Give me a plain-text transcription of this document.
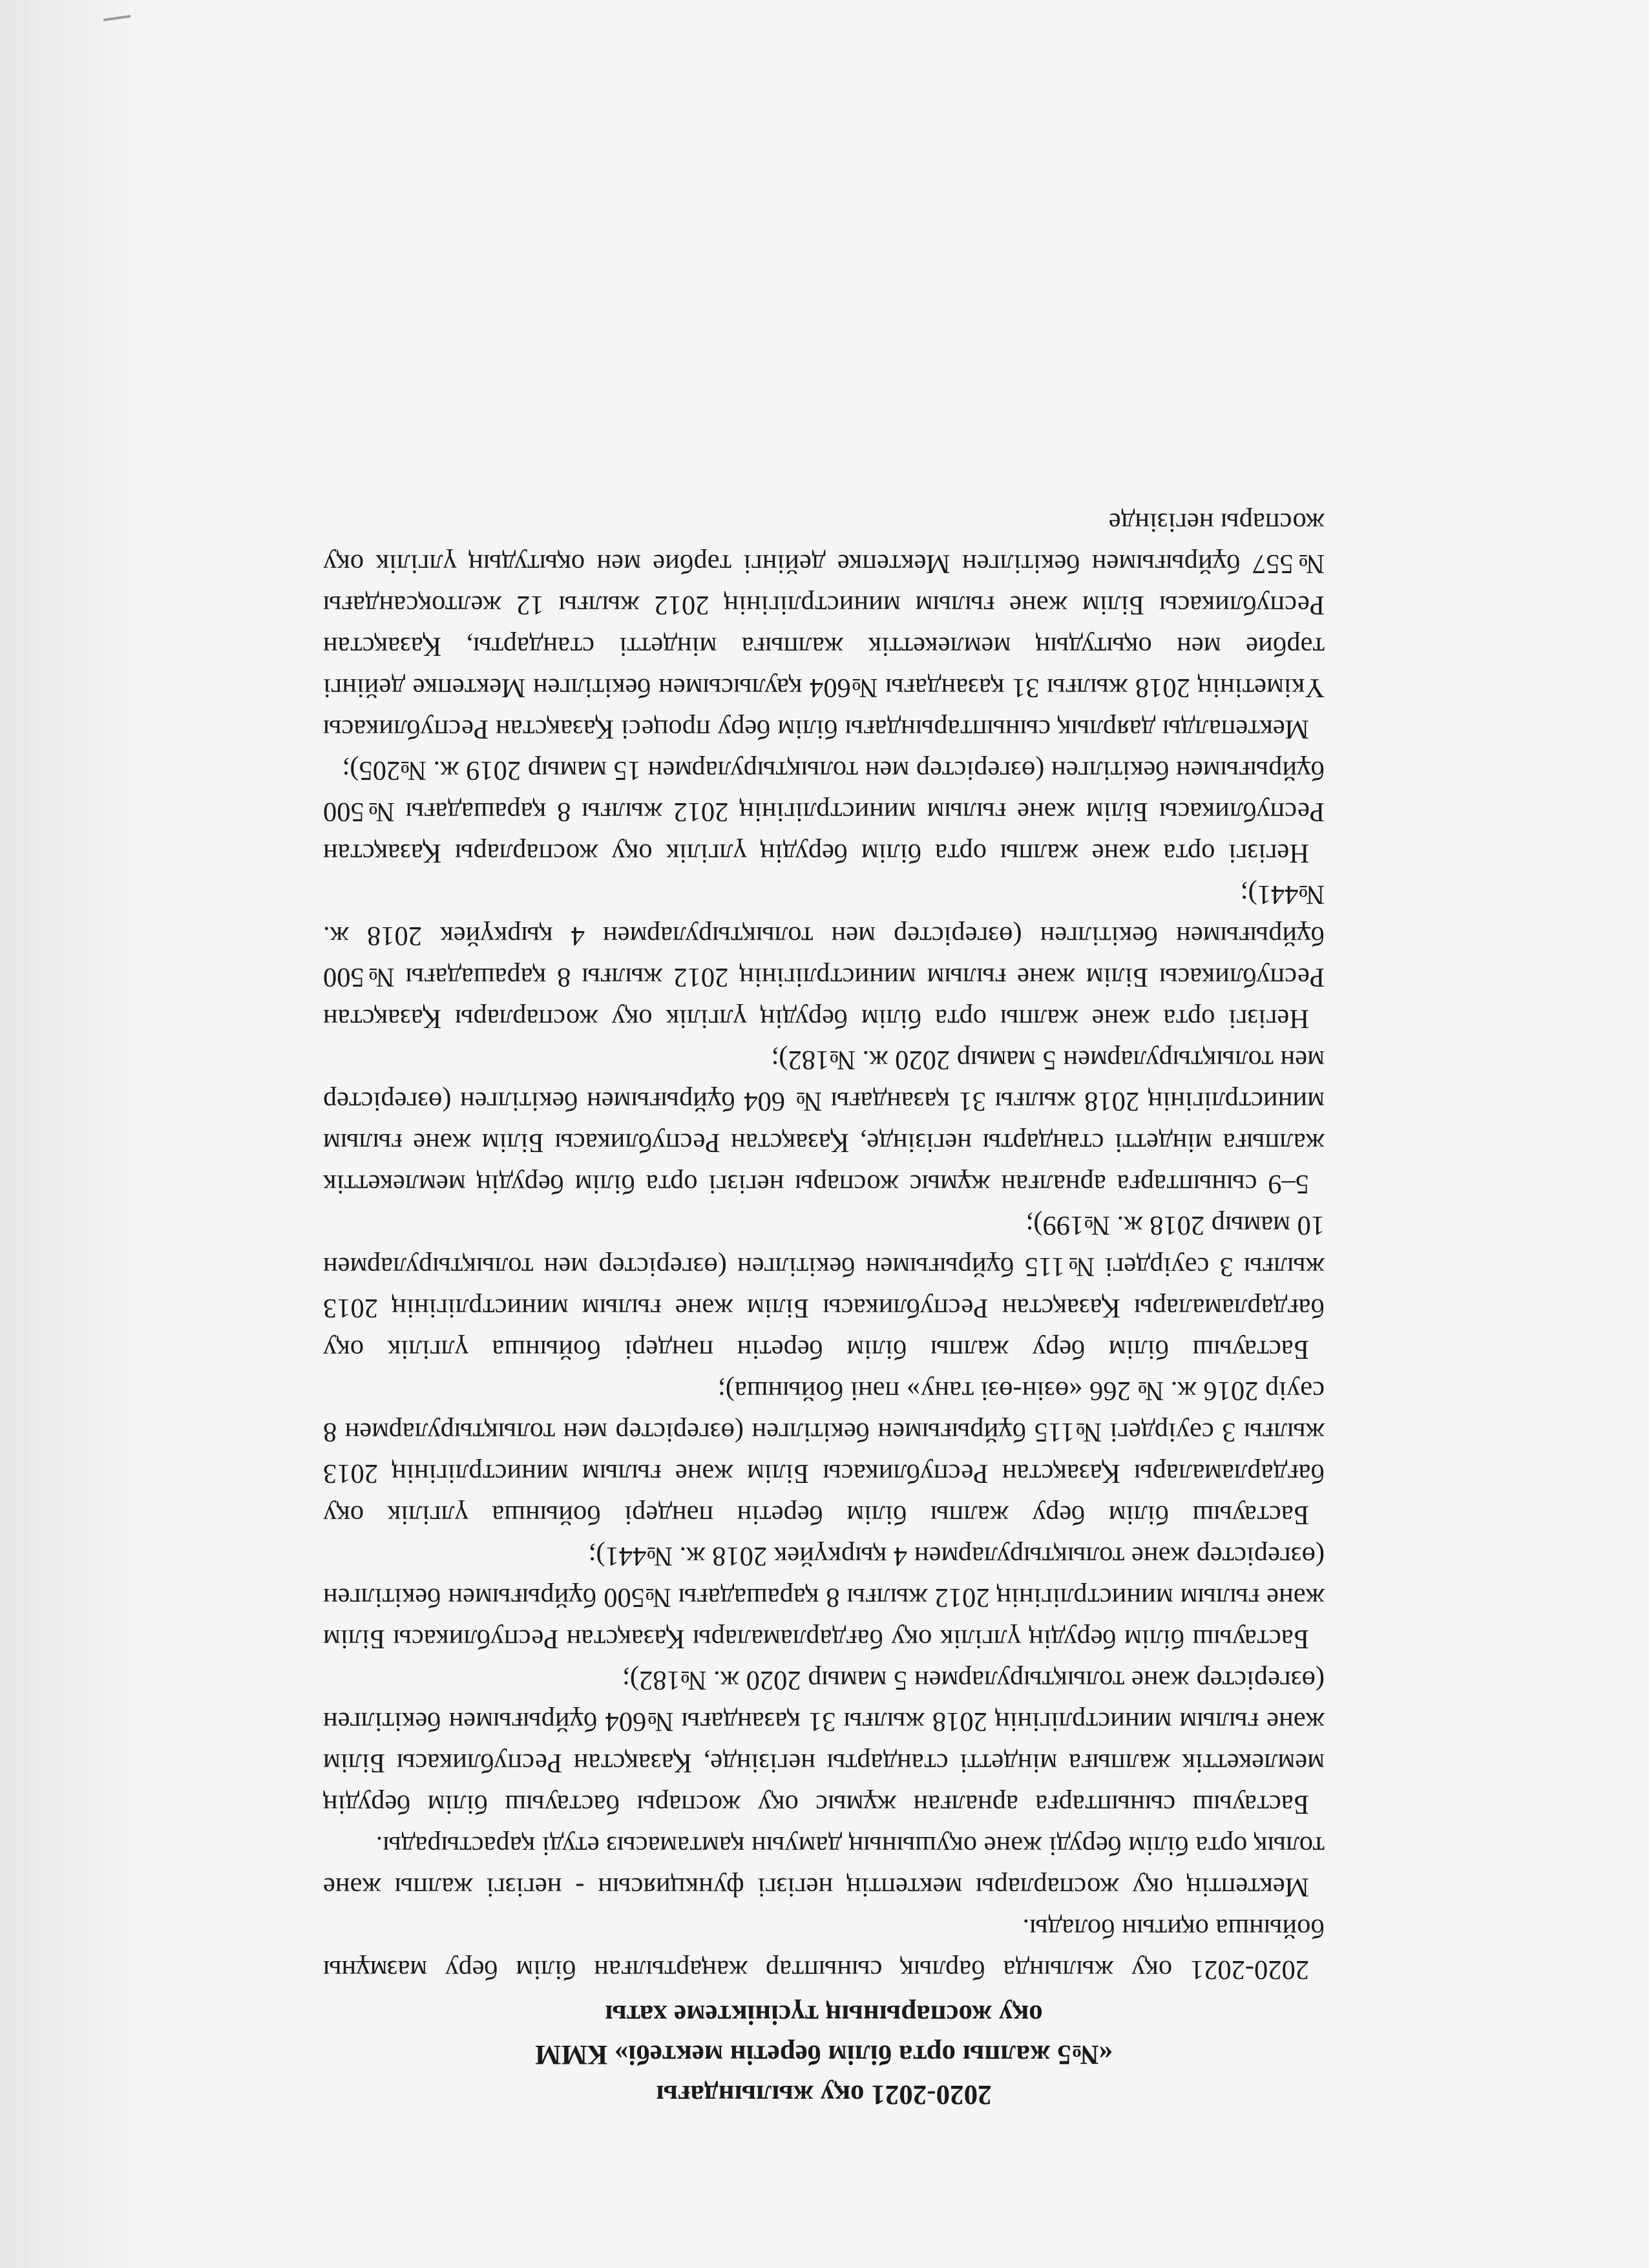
2020-2021 оқу жылындағы
«№5 жалпы орта білім беретін мектебі» КММ
оқу жоспарының түсініктеме хаты

2020-2021 оқу жылында барлық сыныптар жаңартылған білім беру мазмұны бойынша оқитын болады.

Мектептің оқу жоспарлары мектептің негізгі функциясын - негізгі жалпы және толық орта білім беруді және оқушының дамуын қамтамасыз етуді қарастырады.

Бастауыш сыныптарға арналған жұмыс оқу жоспары бастауыш білім берудің мемлекеттік жалпыға міндетті стандарты негізінде, Қазақстан Республикасы Білім және ғылым министрлігінің 2018 жылғы 31 қазандағы №604 бұйрығымен бекітілген (өзгерістер және толықтырулармен 5 мамыр 2020 ж. №182);

Бастауыш білім берудің үлгілік оқу бағдарламалары Қазақстан Республикасы Білім және ғылым министрлігінің 2012 жылғы 8 қарашадағы №500 бұйрығымен бекітілген (өзгерістер және толықтырулармен 4 қыркүйек 2018 ж. №441);

Бастауыш білім беру жалпы білім беретін пәндері бойынша үлгілік оқу бағдарламалары Қазақстан Республикасы Білім және ғылым министрлігінің 2013 жылғы 3 сәуірдегі №115 бұйрығымен бекітілген (өзгерістер мен толықтырулармен 8 сәуір 2016 ж. № 266 «өзін-өзі тану» пәні бойынша);

Бастауыш білім беру жалпы білім беретін пәндері бойынша үлгілік оқу бағдарламалары Қазақстан Республикасы Білім және ғылым министрлігінің 2013 жылғы 3 сәуірдегі №115 бұйрығымен бекітілген (өзгерістер мен толықтырулармен 10 мамыр 2018 ж. №199);

5–9 сыныптарға арналған жұмыс жоспары негізгі орта білім берудің мемлекеттік жалпыға міндетті стандарты негізінде, Қазақстан Республикасы Білім және ғылым министрлігінің 2018 жылғы 31 қазандағы № 604 бұйрығымен бекітілген (өзгерістер мен толықтырулармен 5 мамыр 2020 ж. №182);

Негізгі орта және жалпы орта білім берудің үлгілік оқу жоспарлары Қазақстан Республикасы Білім және ғылым министрлігінің 2012 жылғы 8 қарашадағы №500 бұйрығымен бекітілген (өзгерістер мен толықтырулармен 4 қыркүйек 2018 ж. №441);

Негізгі орта және жалпы орта білім берудің үлгілік оқу жоспарлары Қазақстан Республикасы Білім және ғылым министрлігінің 2012 жылғы 8 қарашадағы №500 бұйрығымен бекітілген (өзгерістер мен толықтырулармен 15 мамыр 2019 ж. №205);

Мектепалды даярлық сыныптарындағы білім беру процесі Қазақстан Республикасы Үкіметінің 2018 жылғы 31 қазандағы №604 қаулысымен бекітілген Мектепке дейінгі тәрбие мен оқытудың мемлекеттік жалпыға міндетті стандарты, Қазақстан Республикасы Білім және ғылым министрлігінің 2012 жылғы 12 желтоқсандағы №557 бұйрығымен бекітілген Мектепке дейінгі тәрбие мен оқытудың үлгілік оқу жоспары негізінде
